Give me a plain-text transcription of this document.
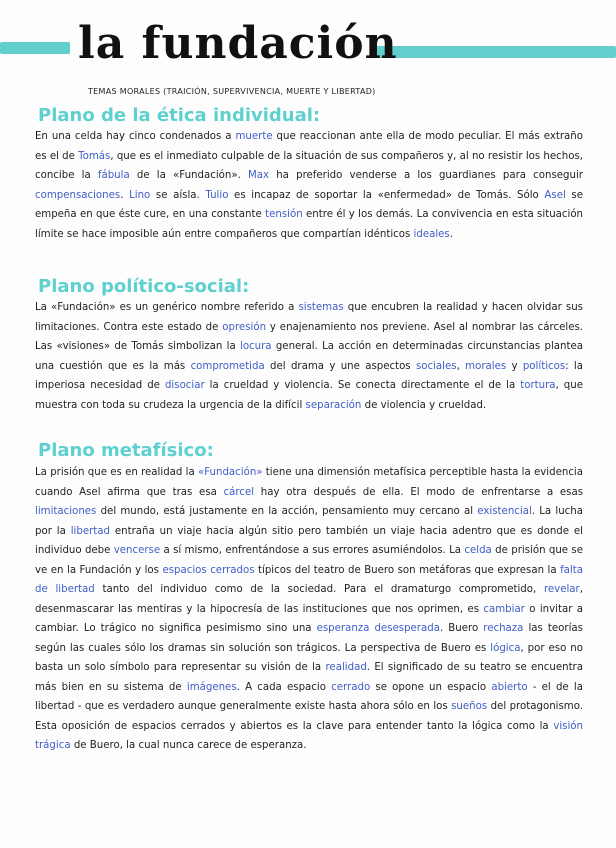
la fundación
TEMAS MORALES (TRAICIÓN, SUPERVIVENCIA, MUERTE Y LIBERTAD)
Plano de la ética individual:
En una celda hay cinco condenados a muerte que reaccionan ante ella de modo peculiar. El más extraño es el de Tomás, que es el inmediato culpable de la situación de sus compañeros y, al no resistir los hechos, concibe la fábula de la «Fundación». Max ha preferido venderse a los guardianes para conseguir compensaciones. Lino se aísla. Tulio es incapaz de soportar la «enfermedad» de Tomás. Sólo Asel se empeña en que éste cure, en una constante tensión entre él y los demás. La convivencia en esta situación límite se hace imposible aún entre compañeros que compartían idénticos ideales.
Plano político-social:
La «Fundación» es un genérico nombre referido a sistemas que encubren la realidad y hacen olvidar sus limitaciones. Contra este estado de opresión y enajenamiento nos previene. Asel al nombrar las cárceles. Las «visiones» de Tomás simbolizan la locura general. La acción en determinadas circunstancias plantea una cuestión que es la más comprometida del drama y une aspectos sociales, morales y políticos: la imperiosa necesidad de disociar la crueldad y violencia. Se conecta directamente el de la tortura, que muestra con toda su crudeza la urgencia de la difícil separación de violencia y crueldad.
Plano metafísico:
La prisión que es en realidad la «Fundación» tiene una dimensión metafísica perceptible hasta la evidencia cuando Asel afirma que tras esa cárcel hay otra después de ella. El modo de enfrentarse a esas limitaciones del mundo, está justamente en la acción, pensamiento muy cercano al existencial. La lucha por la libertad entraña un viaje hacia algún sitio pero también un viaje hacia adentro que es donde el individuo debe vencerse a sí mismo, enfrentándose a sus errores asumiéndolos. La celda de prisión que se ve en la Fundación y los espacios cerrados típicos del teatro de Buero son metáforas que expresan la falta de libertad tanto del individuo como de la sociedad. Para el dramaturgo comprometido, revelar, desenmascarar las mentiras y la hipocresía de las instituciones que nos oprimen, es cambiar o invitar a cambiar. Lo trágico no significa pesimismo sino una esperanza desesperada. Buero rechaza las teorías según las cuales sólo los dramas sin solución son trágicos. La perspectiva de Buero es lógica, por eso no basta un solo símbolo para representar su visión de la realidad. El significado de su teatro se encuentra más bien en su sistema de imágenes. A cada espacio cerrado se opone un espacio abierto - el de la libertad - que es verdadero aunque generalmente existe hasta ahora sólo en los sueños del protagonismo. Esta oposición de espacios cerrados y abiertos es la clave para entender tanto la lógica como la visión trágica de Buero, la cual nunca carece de esperanza.
